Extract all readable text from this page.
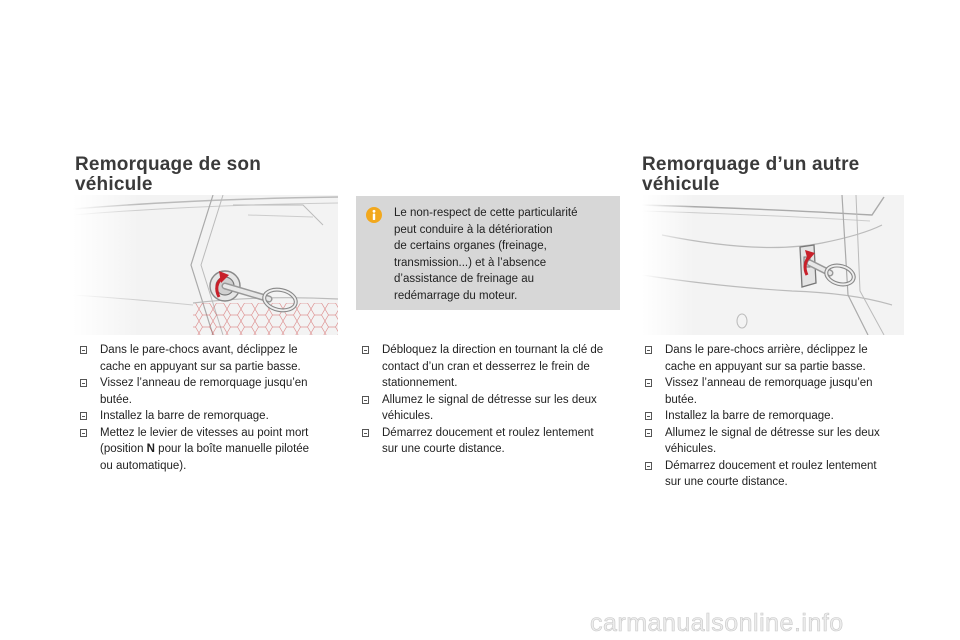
Remorquage de son
véhicule
Remorquage d’un autre
véhicule
Le non-respect de cette particularité
peut conduire à la détérioration
de certains organes (freinage,
transmission...) et à l’absence
d’assistance de freinage au
redémarrage du moteur.
Dans le pare-chocs avant, déclippez le
cache en appuyant sur sa partie basse.
Vissez l’anneau de remorquage jusqu’en
butée.
Installez la barre de remorquage.
Mettez le levier de vitesses au point mort
(position N pour la boîte manuelle pilotée
ou automatique).
Débloquez la direction en tournant la clé de
contact d’un cran et desserrez le frein de
stationnement.
Allumez le signal de détresse sur les deux
véhicules.
Démarrez doucement et roulez lentement
sur une courte distance.
Dans le pare-chocs arrière, déclippez le
cache en appuyant sur sa partie basse.
Vissez l’anneau de remorquage jusqu’en
butée.
Installez la barre de remorquage.
Allumez le signal de détresse sur les deux
véhicules.
Démarrez doucement et roulez lentement
sur une courte distance.
carmanualsonline.info
